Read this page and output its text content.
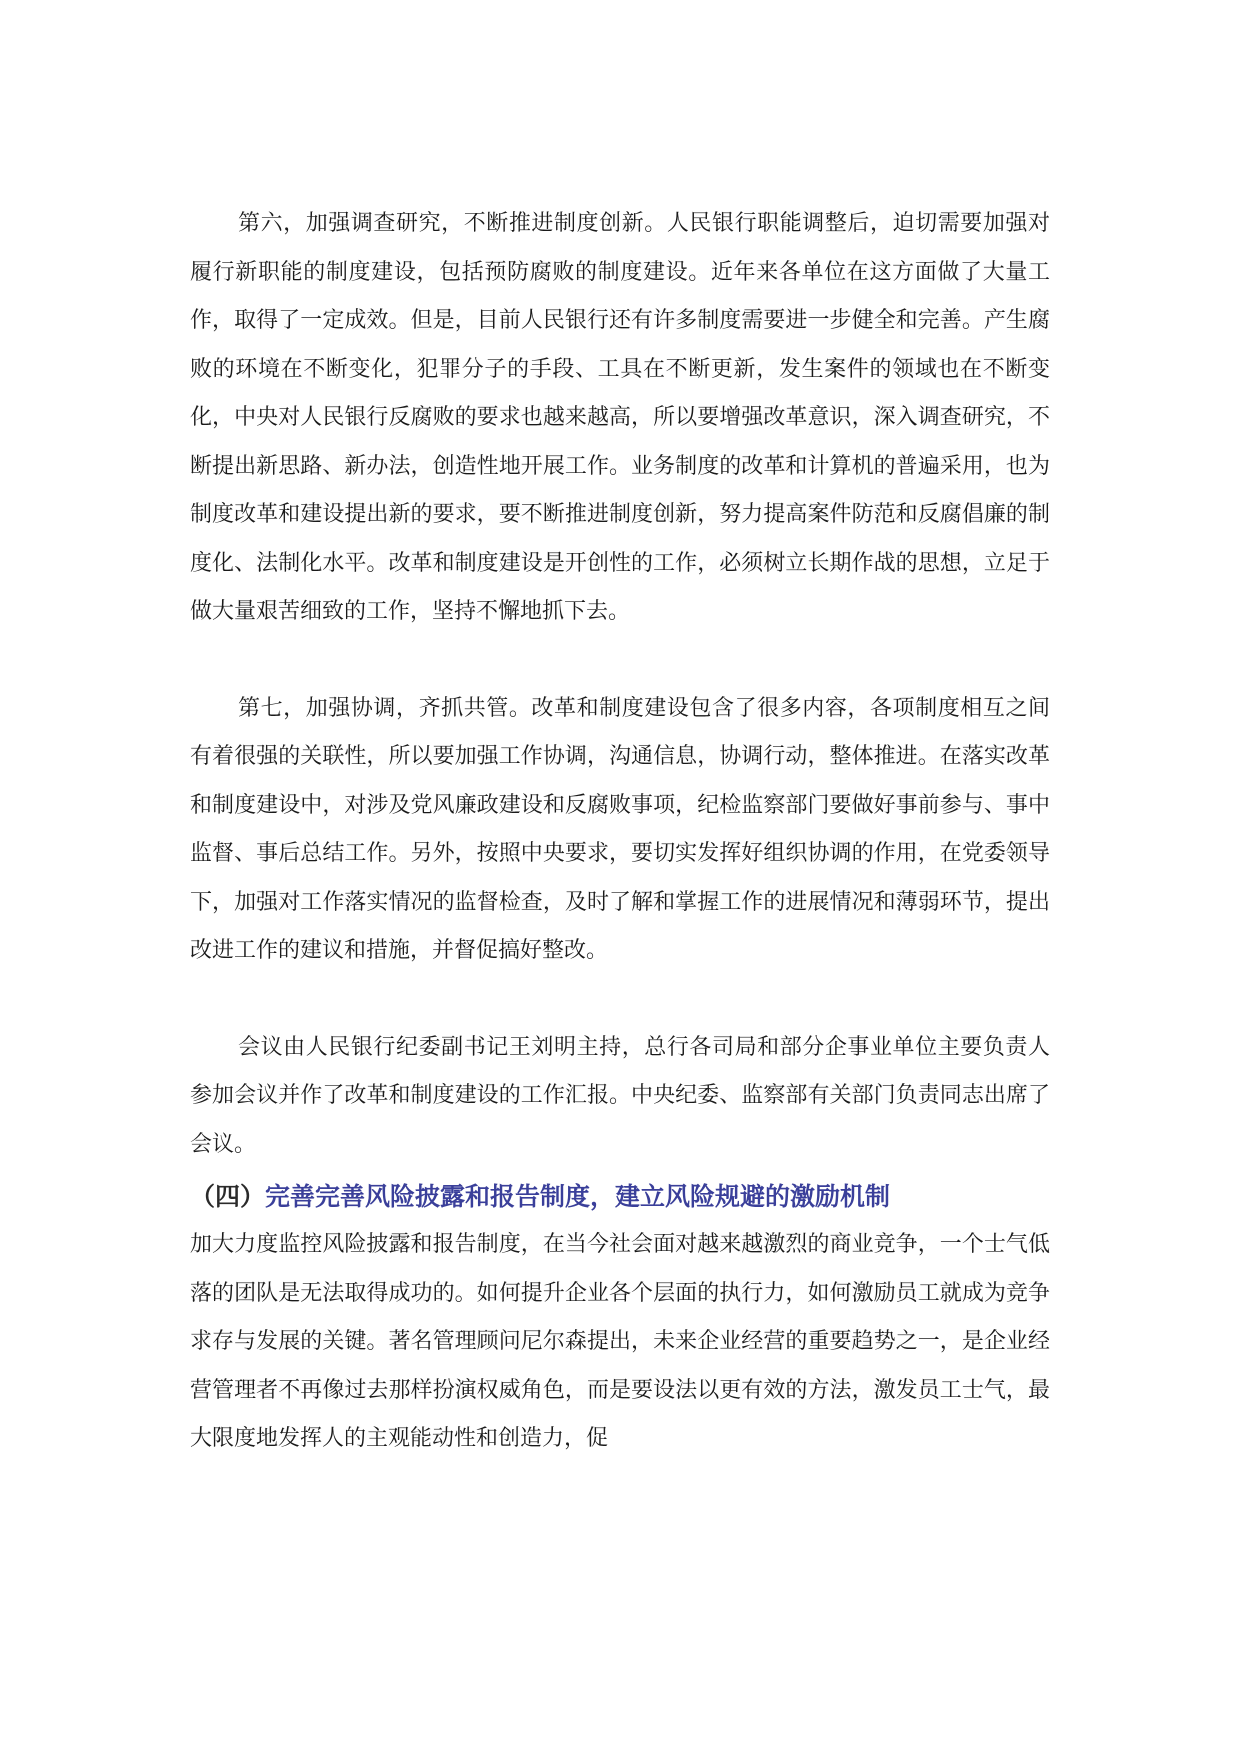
第六，加强调查研究，不断推进制度创新。人民银行职能调整后，迫切需要加强对履行新职能的制度建设，包括预防腐败的制度建设。近年来各单位在这方面做了大量工作，取得了一定成效。但是，目前人民银行还有许多制度需要进一步健全和完善。产生腐败的环境在不断变化，犯罪分子的手段、工具在不断更新，发生案件的领域也在不断变化，中央对人民银行反腐败的要求也越来越高，所以要增强改革意识，深入调查研究，不断提出新思路、新办法，创造性地开展工作。业务制度的改革和计算机的普遍采用，也为制度改革和建设提出新的要求，要不断推进制度创新，努力提高案件防范和反腐倡廉的制度化、法制化水平。改革和制度建设是开创性的工作，必须树立长期作战的思想，立足于做大量艰苦细致的工作，坚持不懈地抓下去。

第七，加强协调，齐抓共管。改革和制度建设包含了很多内容，各项制度相互之间有着很强的关联性，所以要加强工作协调，沟通信息，协调行动，整体推进。在落实改革和制度建设中，对涉及党风廉政建设和反腐败事项，纪检监察部门要做好事前参与、事中监督、事后总结工作。另外，按照中央要求，要切实发挥好组织协调的作用，在党委领导下，加强对工作落实情况的监督检查，及时了解和掌握工作的进展情况和薄弱环节，提出改进工作的建议和措施，并督促搞好整改。

会议由人民银行纪委副书记王刘明主持，总行各司局和部分企事业单位主要负责人参加会议并作了改革和制度建设的工作汇报。中央纪委、监察部有关部门负责同志出席了会议。

（四）完善完善风险披露和报告制度，建立风险规避的激励机制

加大力度监控风险披露和报告制度，在当今社会面对越来越激烈的商业竞争，一个士气低落的团队是无法取得成功的。如何提升企业各个层面的执行力，如何激励员工就成为竞争求存与发展的关键。著名管理顾问尼尔森提出，未来企业经营的重要趋势之一，是企业经营管理者不再像过去那样扮演权威角色，而是要设法以更有效的方法，激发员工士气，最大限度地发挥人的主观能动性和创造力，促
